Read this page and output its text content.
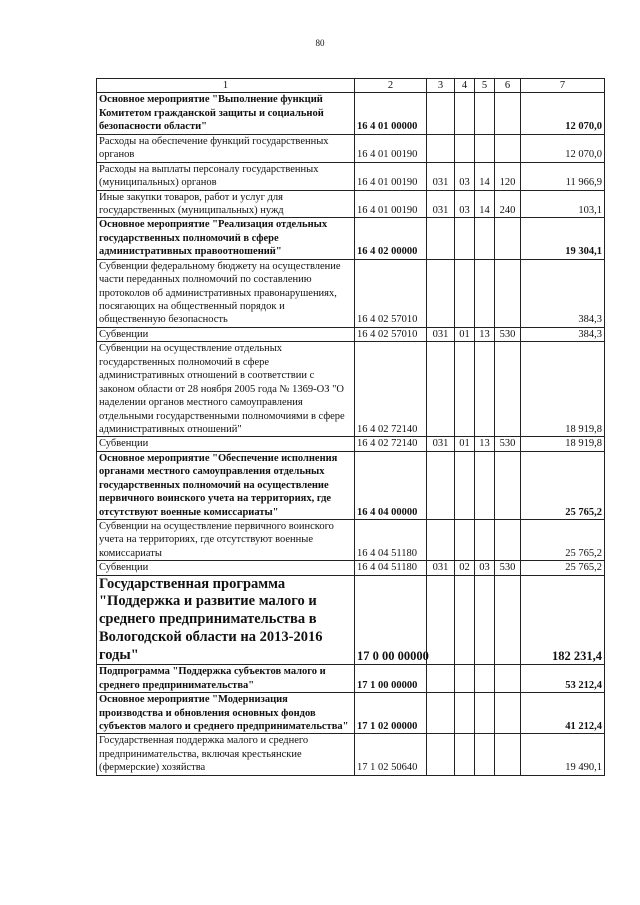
80
1	2	3	4	5	6	7
Основное мероприятие "Выполнение функций Комитетом гражданской защиты и социальной безопасности области"	16 4 01 00000					12 070,0
Расходы на обеспечение функций государственных органов	16 4 01 00190					12 070,0
Расходы на выплаты персоналу государственных (муниципальных) органов	16 4 01 00190	031	03	14	120	11 966,9
Иные закупки товаров, работ и услуг для государственных (муниципальных) нужд	16 4 01 00190	031	03	14	240	103,1
Основное мероприятие "Реализация отдельных государственных полномочий в сфере административных правоотношений"	16 4 02 00000					19 304,1
Субвенции федеральному бюджету на осуществление части переданных полномочий по составлению протоколов об административных правонарушениях, посягающих на общественный порядок и общественную безопасность	16 4 02 57010					384,3
Субвенции	16 4 02 57010	031	01	13	530	384,3
Субвенции на осуществление отдельных государственных полномочий в сфере административных отношений в соответствии с законом области от 28 ноября 2005 года № 1369-ОЗ "О наделении органов местного самоуправления отдельными государственными полномочиями в сфере административных отношений"	16 4 02 72140					18 919,8
Субвенции	16 4 02 72140	031	01	13	530	18 919,8
Основное мероприятие "Обеспечение исполнения органами местного самоуправления отдельных государственных полномочий на осуществление первичного воинского учета на территориях, где отсутствуют военные комиссариаты"	16 4 04 00000					25 765,2
Субвенции на осуществление первичного воинского учета на территориях, где отсутствуют военные комиссариаты	16 4 04 51180					25 765,2
Субвенции	16 4 04 51180	031	02	03	530	25 765,2
Государственная программа "Поддержка и развитие малого и среднего предпринимательства в Вологодской области на 2013-2016 годы"	17 0 00 00000					182 231,4
Подпрограмма "Поддержка субъектов малого и среднего предпринимательства"	17 1 00 00000					53 212,4
Основное мероприятие "Модернизация производства и обновления основных фондов субъектов малого и среднего предпринимательства"	17 1 02 00000					41 212,4
Государственная поддержка малого и среднего предпринимательства, включая крестьянские (фермерские) хозяйства	17 1 02 50640					19 490,1
